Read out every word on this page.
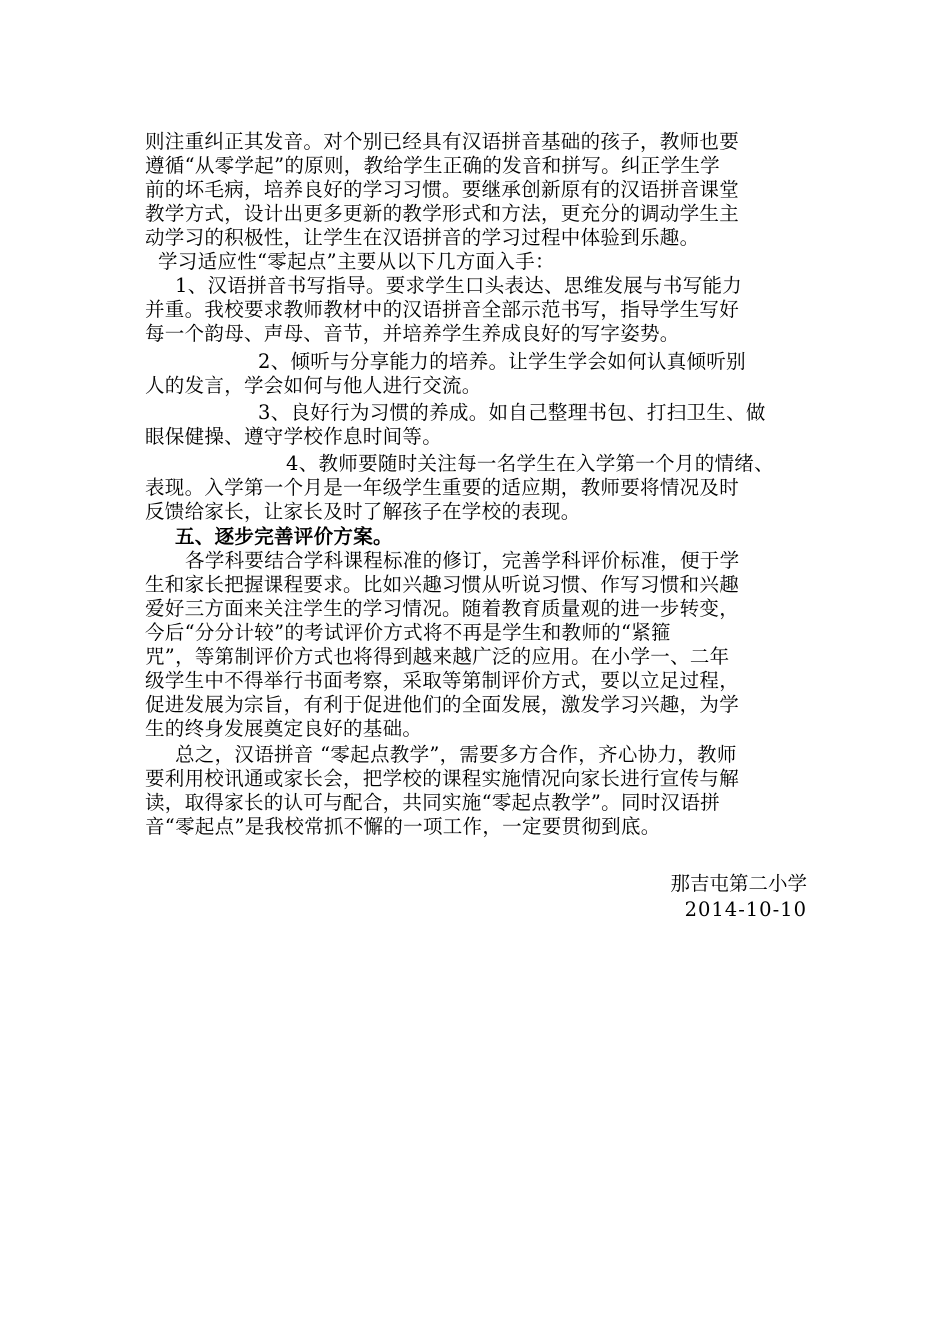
则注重纠正其发音。对个别已经具有汉语拼音基础的孩子，教师也要
遵循“从零学起”的原则，教给学生正确的发音和拼写。纠正学生学
前的坏毛病，培养良好的学习习惯。要继承创新原有的汉语拼音课堂
教学方式，设计出更多更新的教学形式和方法，更充分的调动学生主
动学习的积极性，让学生在汉语拼音的学习过程中体验到乐趣。
学习适应性“零起点”主要从以下几方面入手：
1、汉语拼音书写指导。要求学生口头表达、思维发展与书写能力
并重。我校要求教师教材中的汉语拼音全部示范书写，指导学生写好
每一个韵母、声母、音节，并培养学生养成良好的写字姿势。
2、倾听与分享能力的培养。让学生学会如何认真倾听别
人的发言，学会如何与他人进行交流。
3、良好行为习惯的养成。如自己整理书包、打扫卫生、做
眼保健操、遵守学校作息时间等。
4、教师要随时关注每一名学生在入学第一个月的情绪、
表现。入学第一个月是一年级学生重要的适应期，教师要将情况及时
反馈给家长，让家长及时了解孩子在学校的表现。
五、逐步完善评价方案。
各学科要结合学科课程标准的修订，完善学科评价标准，便于学
生和家长把握课程要求。比如兴趣习惯从听说习惯、作写习惯和兴趣
爱好三方面来关注学生的学习情况。随着教育质量观的进一步转变，
今后“分分计较”的考试评价方式将不再是学生和教师的“紧箍
咒”，等第制评价方式也将得到越来越广泛的应用。在小学一、二年
级学生中不得举行书面考察，采取等第制评价方式，要以立足过程，
促进发展为宗旨，有利于促进他们的全面发展，激发学习兴趣，为学
生的终身发展奠定良好的基础。
总之，汉语拼音 “零起点教学”，需要多方合作，齐心协力，教师
要利用校讯通或家长会，把学校的课程实施情况向家长进行宣传与解
读，取得家长的认可与配合，共同实施“零起点教学”。同时汉语拼
音“零起点”是我校常抓不懈的一项工作，一定要贯彻到底。
那吉屯第二小学
2014-10-10
